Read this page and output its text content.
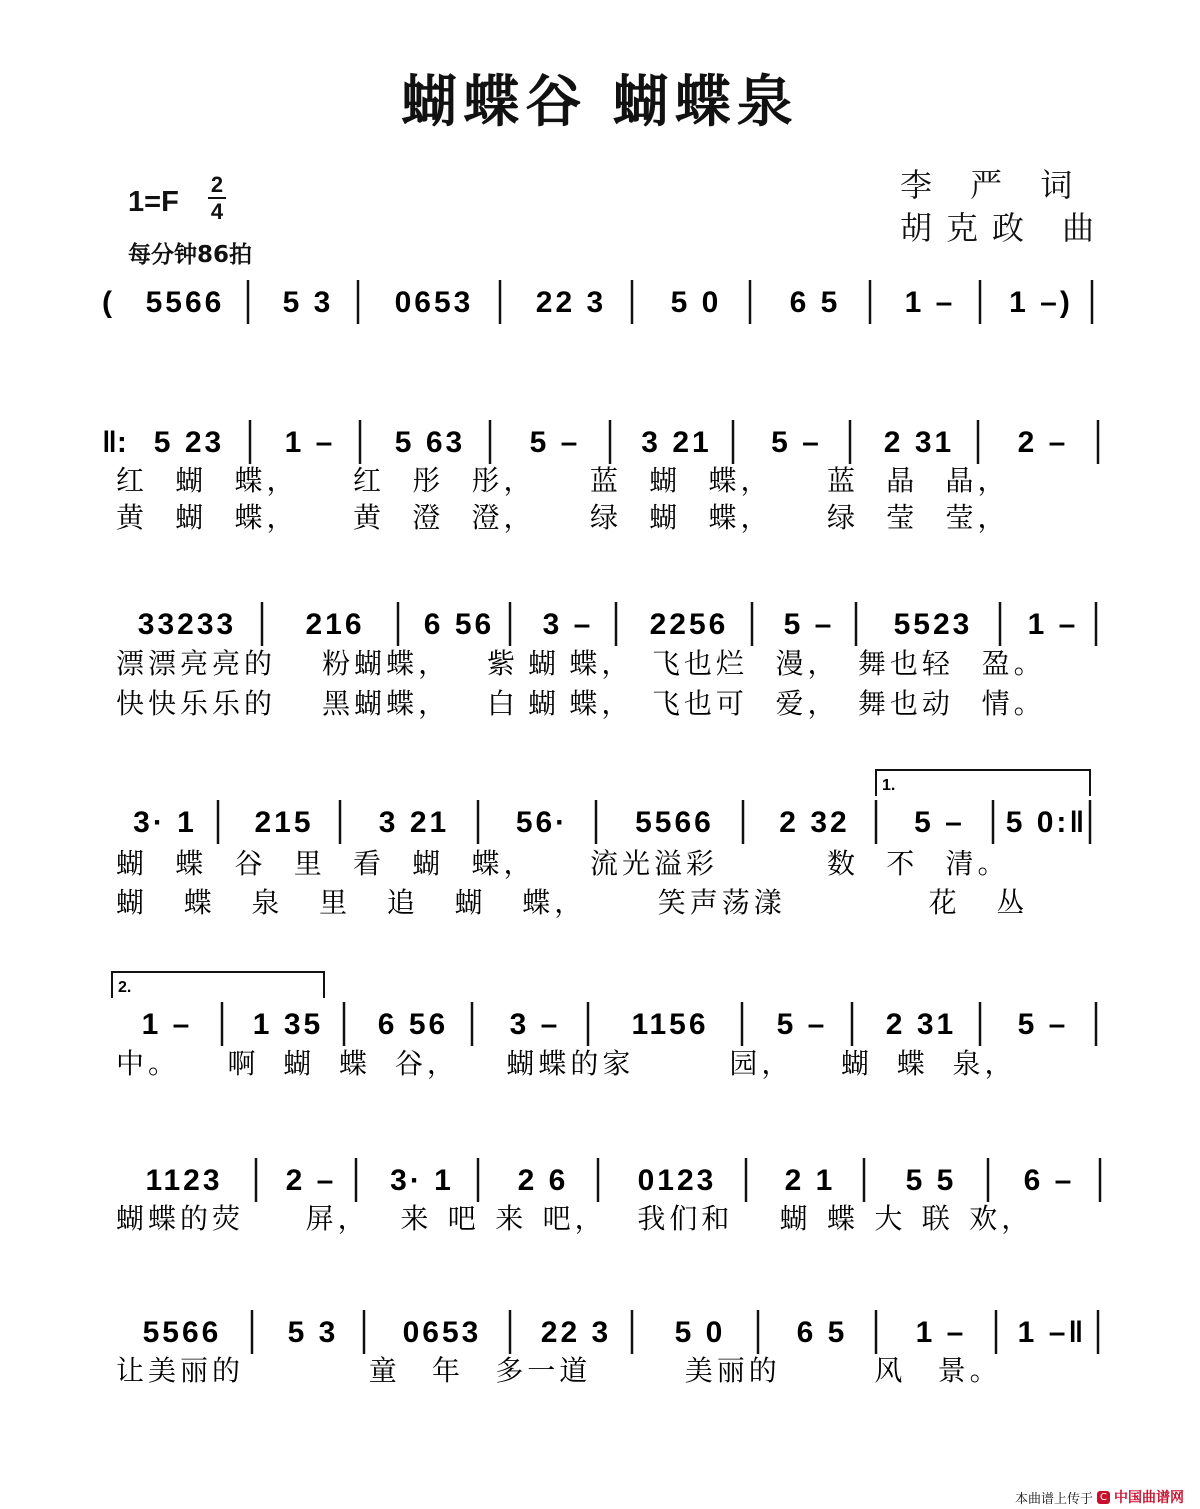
蝴蝶谷 蝴蝶泉
李 严 词
胡克政 曲
1=F
2
4
每分钟86拍
( 5566 5 3 0653 22 3 5 0 6 5 1 – 1 –)
‖: 5 23 1 – 5 63 5 – 3 21 5 – 2 31 2 –
红 蝴 蝶， 红 彤 彤， 蓝 蝴 蝶， 蓝 晶 晶，
黄 蝴 蝶， 黄 澄 澄， 绿 蝴 蝶， 绿 莹 莹，
33233 216 6 56 3 – 2256 5 – 5523 1 –
漂漂亮亮的 粉蝴蝶， 紫 蝴 蝶， 飞也烂 漫， 舞也轻 盈。
快快乐乐的 黑蝴蝶， 白 蝴 蝶， 飞也可 爱， 舞也动 情。
3· 1 215 3 21 56· 5566 2 32 5 – 5 0:‖
1.
蝴 蝶 谷 里 看 蝴 蝶， 流光溢彩	数 不 清。
蝴 蝶 泉 里 追 蝴 蝶，	笑声荡漾	花 丛
1 – 1 35 6 56 3 – 1156 5 – 2 31 5 –
2.
中。 啊 蝴 蝶 谷， 蝴蝶的家	园， 蝴 蝶 泉，
1123 2 – 3· 1 2 6 0123 2 1 5 5 6 –
蝴蝶的荧 屏， 来 吧 来 吧， 我们和 蝴 蝶 大 联 欢，
5566 5 3 0653 22 3 5 0 6 5 1 – 1 –‖
让美丽的	童 年 多一道	美丽的	风 景。
本曲谱上传于 C 中国曲谱网
